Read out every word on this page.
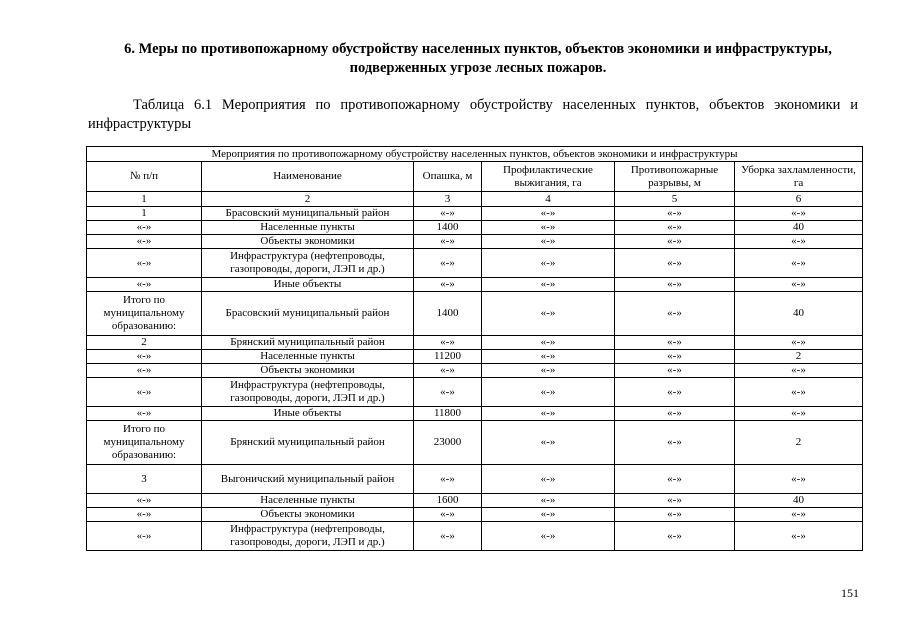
6. Меры по противопожарному обустройству населенных пунктов, объектов экономики и инфраструктуры,
подверженных угрозе лесных пожаров.
Таблица 6.1 Мероприятия по противопожарному обустройству населенных пунктов, объектов экономики и инфраструктуры
Мероприятия по противопожарному обустройству населенных пунктов, объектов экономики и инфраструктуры					
№ п/п	Наименование	Опашка, м	Профилактические выжигания, га	Противопожарные разрывы, м	Уборка захламленности, га
1	2	3	4	5	6
1	Брасовский муниципальный район	«-»	«-»	«-»	«-»
«-»	Населенные пункты	1400	«-»	«-»	40
«-»	Объекты экономики	«-»	«-»	«-»	«-»
«-»	Инфраструктура (нефтепроводы, газопроводы, дороги, ЛЭП и др.)	«-»	«-»	«-»	«-»
«-»	Иные объекты	«-»	«-»	«-»	«-»
Итого по муниципальному образованию:	Брасовский муниципальный район	1400	«-»	«-»	40
2	Брянский муниципальный район	«-»	«-»	«-»	«-»
«-»	Населенные пункты	11200	«-»	«-»	2
«-»	Объекты экономики	«-»	«-»	«-»	«-»
«-»	Инфраструктура (нефтепроводы, газопроводы, дороги, ЛЭП и др.)	«-»	«-»	«-»	«-»
«-»	Иные объекты	11800	«-»	«-»	«-»
Итого по муниципальному образованию:	Брянский муниципальный район	23000	«-»	«-»	2
3	Выгоничский муниципальный район	«-»	«-»	«-»	«-»
«-»	Населенные пункты	1600	«-»	«-»	40
«-»	Объекты экономики	«-»	«-»	«-»	«-»
«-»	Инфраструктура (нефтепроводы, газопроводы, дороги, ЛЭП и др.)	«-»	«-»	«-»	«-»
151
